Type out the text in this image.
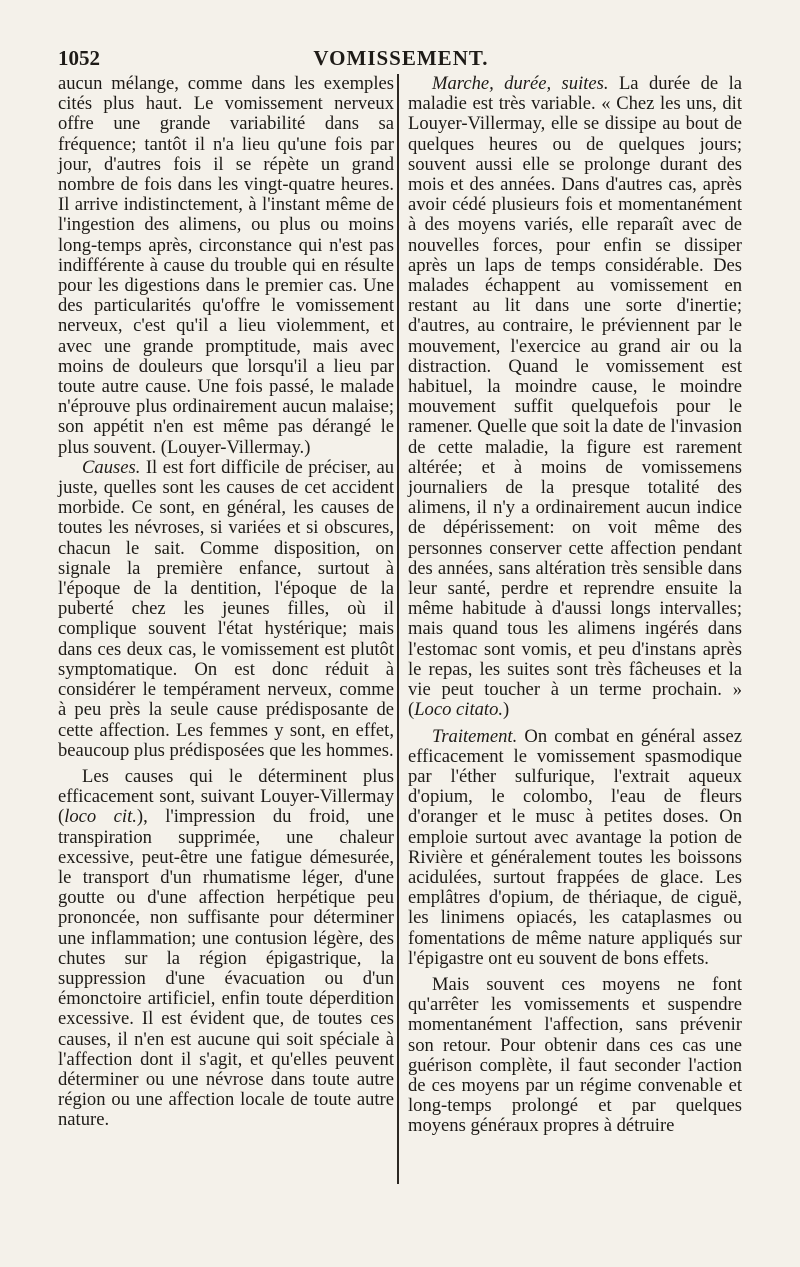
1052	VOMISSEMENT.

aucun mélange, comme dans les exemples cités plus haut. Le vomissement nerveux offre une grande variabilité dans sa fréquence; tantôt il n'a lieu qu'une fois par jour, d'autres fois il se répète un grand nombre de fois dans les vingt-quatre heures. Il arrive indistinctement, à l'instant même de l'ingestion des alimens, ou plus ou moins long-temps après, circonstance qui n'est pas indifférente à cause du trouble qui en résulte pour les digestions dans le premier cas. Une des particularités qu'offre le vomissement nerveux, c'est qu'il a lieu violemment, et avec une grande promptitude, mais avec moins de douleurs que lorsqu'il a lieu par toute autre cause. Une fois passé, le malade n'éprouve plus ordinairement aucun malaise; son appétit n'en est même pas dérangé le plus souvent. (Louyer-Villermay.)

Causes. Il est fort difficile de préciser, au juste, quelles sont les causes de cet accident morbide. Ce sont, en général, les causes de toutes les névroses, si variées et si obscures, chacun le sait. Comme disposition, on signale la première enfance, surtout à l'époque de la dentition, l'époque de la puberté chez les jeunes filles, où il complique souvent l'état hystérique; mais dans ces deux cas, le vomissement est plutôt symptomatique. On est donc réduit à considérer le tempérament nerveux, comme à peu près la seule cause prédisposante de cette affection. Les femmes y sont, en effet, beaucoup plus prédisposées que les hommes.

Les causes qui le déterminent plus efficacement sont, suivant Louyer-Villermay (loco cit.), l'impression du froid, une transpiration supprimée, une chaleur excessive, peut-être une fatigue démesurée, le transport d'un rhumatisme léger, d'une goutte ou d'une affection herpétique peu prononcée, non suffisante pour déterminer une inflammation; une contusion légère, des chutes sur la région épigastrique, la suppression d'une évacuation ou d'un émonctoire artificiel, enfin toute déperdition excessive. Il est évident que, de toutes ces causes, il n'en est aucune qui soit spéciale à l'affection dont il s'agit, et qu'elles peuvent déterminer ou une névrose dans toute autre région ou une affection locale de toute autre nature.

Marche, durée, suites. La durée de la maladie est très variable. « Chez les uns, dit Louyer-Villermay, elle se dissipe au bout de quelques heures ou de quelques jours; souvent aussi elle se prolonge durant des mois et des années. Dans d'autres cas, après avoir cédé plusieurs fois et momentanément à des moyens variés, elle reparaît avec de nouvelles forces, pour enfin se dissiper après un laps de temps considérable. Des malades échappent au vomissement en restant au lit dans une sorte d'inertie; d'autres, au contraire, le préviennent par le mouvement, l'exercice au grand air ou la distraction. Quand le vomissement est habituel, la moindre cause, le moindre mouvement suffit quelquefois pour le ramener. Quelle que soit la date de l'invasion de cette maladie, la figure est rarement altérée; et à moins de vomissemens journaliers de la presque totalité des alimens, il n'y a ordinairement aucun indice de dépérissement: on voit même des personnes conserver cette affection pendant des années, sans altération très sensible dans leur santé, perdre et reprendre ensuite la même habitude à d'aussi longs intervalles; mais quand tous les alimens ingérés dans l'estomac sont vomis, et peu d'instans après le repas, les suites sont très fâcheuses et la vie peut toucher à un terme prochain. » (Loco citato.)

Traitement. On combat en général assez efficacement le vomissement spasmodique par l'éther sulfurique, l'extrait aqueux d'opium, le colombo, l'eau de fleurs d'oranger et le musc à petites doses. On emploie surtout avec avantage la potion de Rivière et généralement toutes les boissons acidulées, surtout frappées de glace. Les emplâtres d'opium, de thériaque, de ciguë, les linimens opiacés, les cataplasmes ou fomentations de même nature appliqués sur l'épigastre ont eu souvent de bons effets.

Mais souvent ces moyens ne font qu'arrêter les vomissements et suspendre momentanément l'affection, sans prévenir son retour. Pour obtenir dans ces cas une guérison complète, il faut seconder l'action de ces moyens par un régime convenable et long-temps prolongé et par quelques moyens généraux propres à détruire
